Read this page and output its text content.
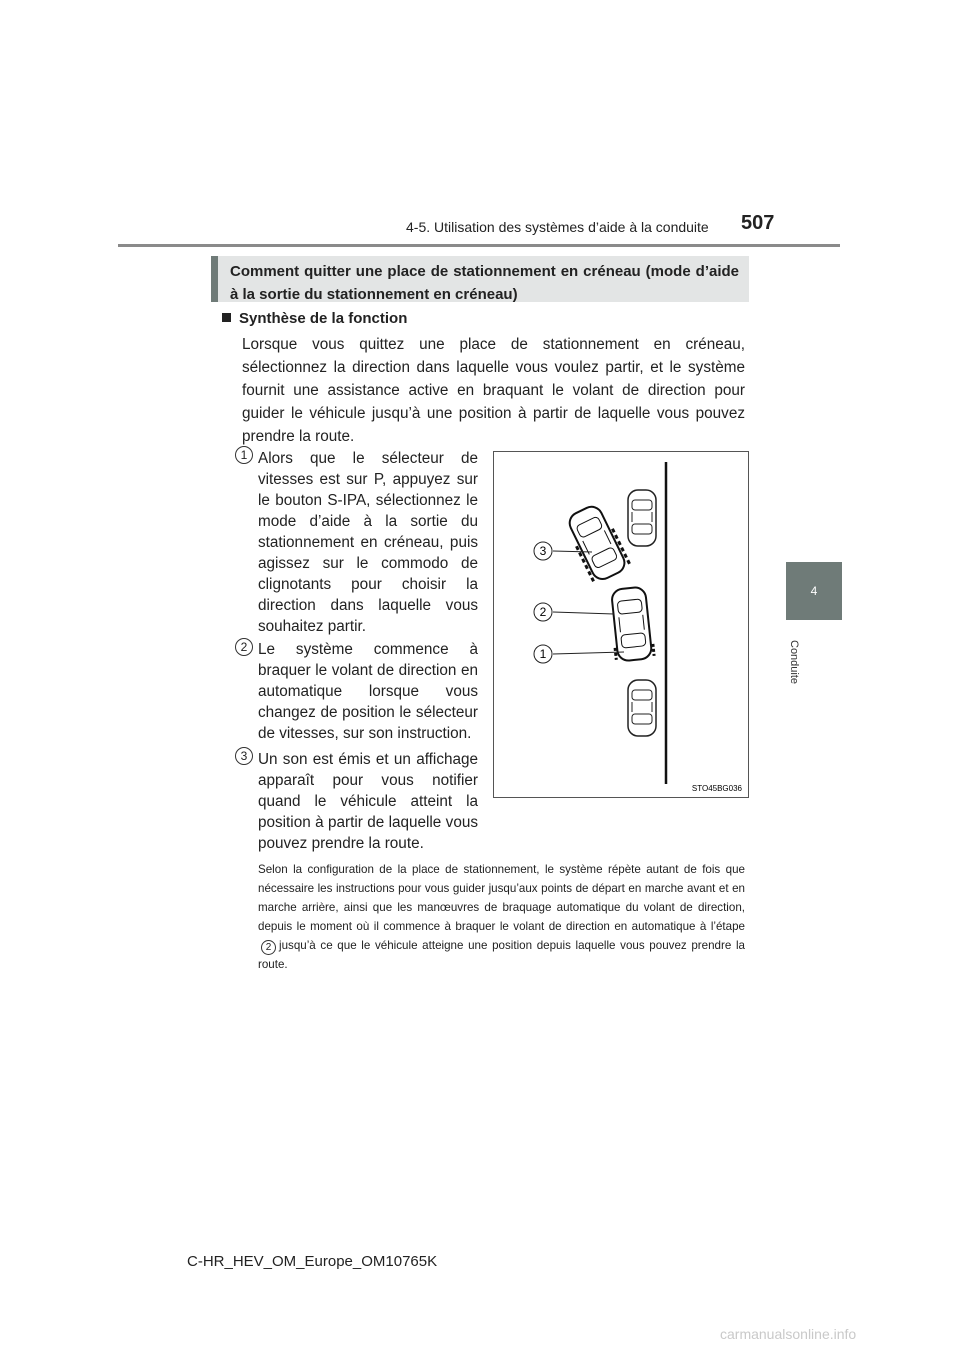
4-5. Utilisation des systèmes d’aide à la conduite 507
4
Conduite
Comment quitter une place de stationnement en créneau (mode d’aide à la sortie du stationnement en créneau)
Synthèse de la fonction
Lorsque vous quittez une place de stationnement en créneau, sélectionnez la direction dans laquelle vous voulez partir, et le système fournit une assistance active en braquant le volant de direction pour guider le véhicule jusqu’à une position à partir de laquelle vous pouvez prendre la route.
1 Alors que le sélecteur de vitesses est sur P, appuyez sur le bouton S-IPA, sélectionnez le mode d’aide à la sortie du stationnement en créneau, puis agissez sur le commodo de clignotants pour choisir la direction dans laquelle vous souhaitez partir.
2 Le système commence à braquer le volant de direction en automatique lorsque vous changez de position le sélecteur de vitesses, sur son instruction.
3 Un son est émis et un affichage apparaît pour vous notifier quand le véhicule atteint la position à partir de laquelle vous pouvez prendre la route.
3
2
1
STO45BG036
Selon la configuration de la place de stationnement, le système répète autant de fois que nécessaire les instructions pour vous guider jusqu’aux points de départ en marche avant et en marche arrière, ainsi que les manœuvres de braquage automatique du volant de direction, depuis le moment où il commence à braquer le volant de direction en automatique à l’étape2 jusqu’à ce que le véhicule atteigne une position depuis laquelle vous pouvez prendre la route.
C-HR_HEV_OM_Europe_OM10765K
carmanualsonline.info
